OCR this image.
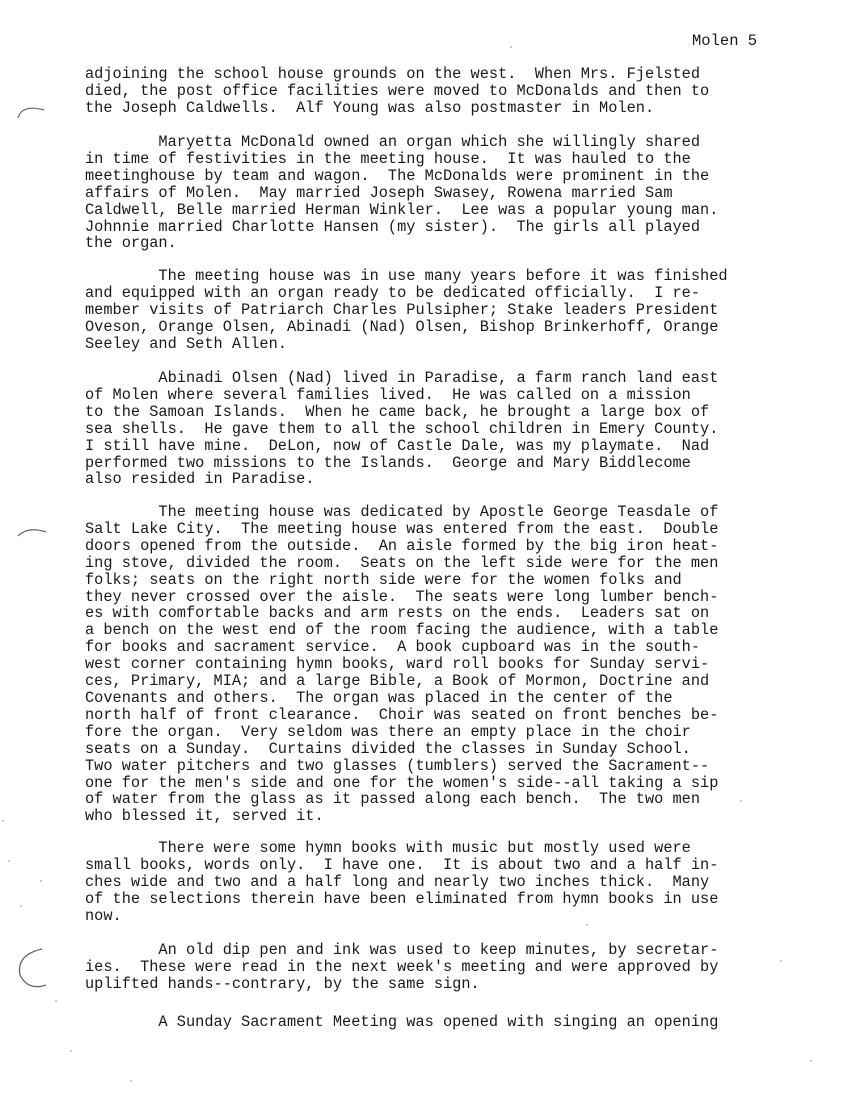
Molen 5

adjoining the school house grounds on the west.  When Mrs. Fjelsted
died, the post office facilities were moved to McDonalds and then to
the Joseph Caldwells.  Alf Young was also postmaster in Molen.

Maryetta McDonald owned an organ which she willingly shared
in time of festivities in the meeting house.  It was hauled to the
meetinghouse by team and wagon.  The McDonalds were prominent in the
affairs of Molen.  May married Joseph Swasey, Rowena married Sam
Caldwell, Belle married Herman Winkler.  Lee was a popular young man.
Johnnie married Charlotte Hansen (my sister).  The girls all played
the organ.

The meeting house was in use many years before it was finished
and equipped with an organ ready to be dedicated officially.  I re-
member visits of Patriarch Charles Pulsipher; Stake leaders President
Oveson, Orange Olsen, Abinadi (Nad) Olsen, Bishop Brinkerhoff, Orange
Seeley and Seth Allen.

Abinadi Olsen (Nad) lived in Paradise, a farm ranch land east
of Molen where several families lived.  He was called on a mission
to the Samoan Islands.  When he came back, he brought a large box of
sea shells.  He gave them to all the school children in Emery County.
I still have mine.  DeLon, now of Castle Dale, was my playmate.  Nad
performed two missions to the Islands.  George and Mary Biddlecome
also resided in Paradise.

The meeting house was dedicated by Apostle George Teasdale of
Salt Lake City.  The meeting house was entered from the east.  Double
doors opened from the outside.  An aisle formed by the big iron heat-
ing stove, divided the room.  Seats on the left side were for the men
folks; seats on the right north side were for the women folks and
they never crossed over the aisle.  The seats were long lumber bench-
es with comfortable backs and arm rests on the ends.  Leaders sat on
a bench on the west end of the room facing the audience, with a table
for books and sacrament service.  A book cupboard was in the south-
west corner containing hymn books, ward roll books for Sunday servi-
ces, Primary, MIA; and a large Bible, a Book of Mormon, Doctrine and
Covenants and others.  The organ was placed in the center of the
north half of front clearance.  Choir was seated on front benches be-
fore the organ.  Very seldom was there an empty place in the choir
seats on a Sunday.  Curtains divided the classes in Sunday School.
Two water pitchers and two glasses (tumblers) served the Sacrament--
one for the men's side and one for the women's side--all taking a sip
of water from the glass as it passed along each bench.  The two men
who blessed it, served it.

There were some hymn books with music but mostly used were
small books, words only.  I have one.  It is about two and a half in-
ches wide and two and a half long and nearly two inches thick.  Many
of the selections therein have been eliminated from hymn books in use
now.

An old dip pen and ink was used to keep minutes, by secretar-
ies.  These were read in the next week's meeting and were approved by
uplifted hands--contrary, by the same sign.

A Sunday Sacrament Meeting was opened with singing an opening
